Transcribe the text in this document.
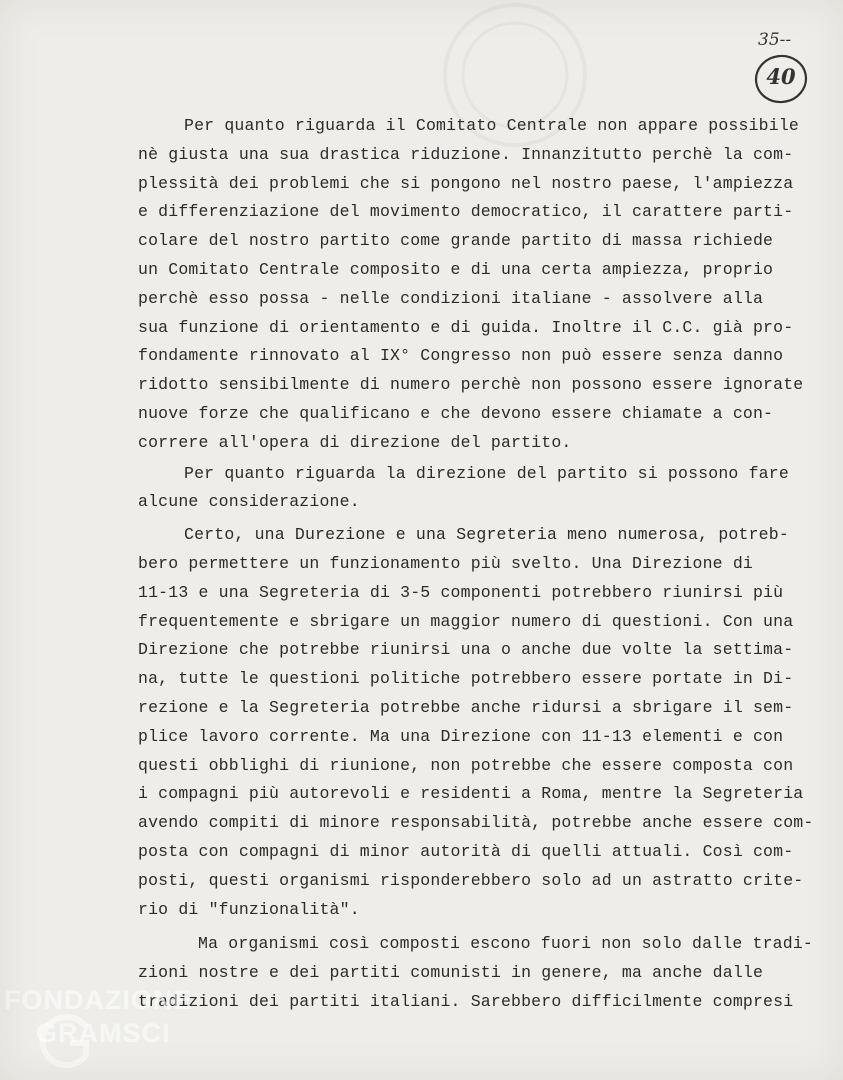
35--
40
Per quanto riguarda il Comitato Centrale non appare possibile
nè giusta una sua drastica riduzione. Innanzitutto perchè la com-
plessità dei problemi che si pongono nel nostro paese, l'ampiezza
e differenziazione del movimento democratico, il carattere parti-
colare del nostro partito come grande partito di massa richiede
un Comitato Centrale composito e di una certa ampiezza, proprio
perchè esso possa - nelle condizioni italiane - assolvere alla
sua funzione di orientamento e di guida. Inoltre il C.C. già pro-
fondamente rinnovato al IX° Congresso non può essere senza danno
ridotto sensibilmente di numero perchè non possono essere ignorate
nuove forze che qualificano e che devono essere chiamate a con-
correre all'opera di direzione del partito.
Per quanto riguarda la direzione del partito si possono fare
alcune considerazione.
Certo, una Durezione e una Segreteria meno numerosa, potreb-
bero permettere un funzionamento più svelto. Una Direzione di
11-13 e una Segreteria di 3-5 componenti potrebbero riunirsi più
frequentemente e sbrigare un maggior numero di questioni. Con una
Direzione che potrebbe riunirsi una o anche due volte la settima-
na, tutte le questioni politiche potrebbero essere portate in Di-
rezione e la Segreteria potrebbe anche ridursi a sbrigare il sem-
plice lavoro corrente. Ma una Direzione con 11-13 elementi e con
questi obblighi di riunione, non potrebbe che essere composta con
i compagni più autorevoli e residenti a Roma, mentre la Segreteria
avendo compiti di minore responsabilità, potrebbe anche essere com-
posta con compagni di minor autorità di quelli attuali. Così com-
posti, questi organismi risponderebbero solo ad un astratto crite-
rio di "funzionalità".
Ma organismi così composti escono fuori non solo dalle tradi-
zioni nostre e dei partiti comunisti in genere, ma anche dalle
tradizioni dei partiti italiani. Sarebbero difficilmente compresi
FONDAZIONE
GRAMSCI
